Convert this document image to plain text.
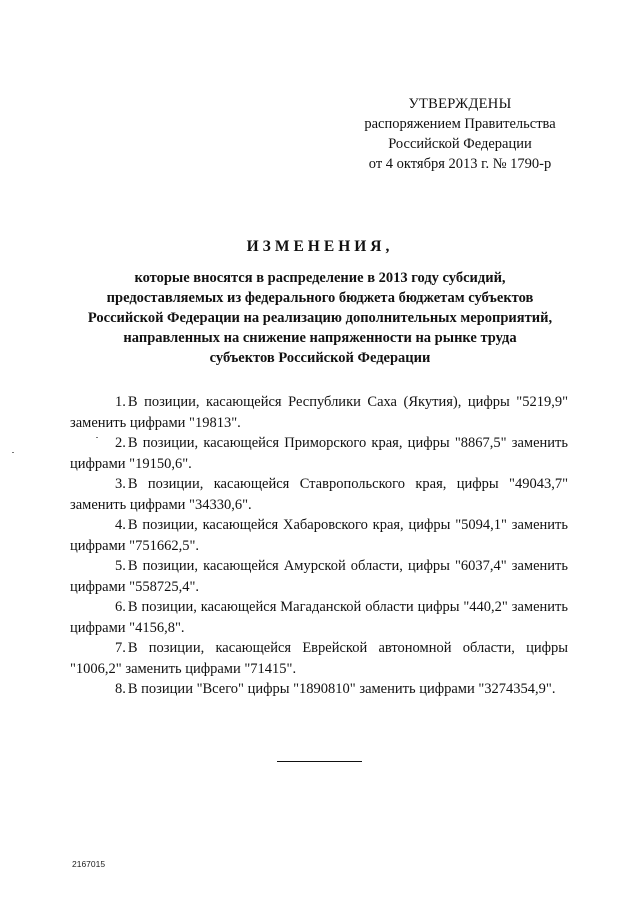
УТВЕРЖДЕНЫ
распоряжением Правительства
Российской Федерации
от 4 октября 2013 г. № 1790-р
ИЗМЕНЕНИЯ,
которые вносятся в распределение в 2013 году субсидий,
предоставляемых из федерального бюджета бюджетам субъектов
Российской Федерации на реализацию дополнительных мероприятий,
направленных на снижение напряженности на рынке труда
субъектов Российской Федерации
1. В позиции, касающейся Республики Саха (Якутия), цифры "5219,9" заменить цифрами "19813".
2. В позиции, касающейся Приморского края, цифры "8867,5" заменить цифрами "19150,6".
3. В позиции, касающейся Ставропольского края, цифры "49043,7" заменить цифрами "34330,6".
4. В позиции, касающейся Хабаровского края, цифры "5094,1" заменить цифрами "751662,5".
5. В позиции, касающейся Амурской области, цифры "6037,4" заменить цифрами "558725,4".
6. В позиции, касающейся Магаданской области цифры "440,2" заменить цифрами "4156,8".
7. В позиции, касающейся Еврейской автономной области, цифры "1006,2" заменить цифрами "71415".
8. В позиции "Всего" цифры "1890810" заменить цифрами "3274354,9".
2167015
